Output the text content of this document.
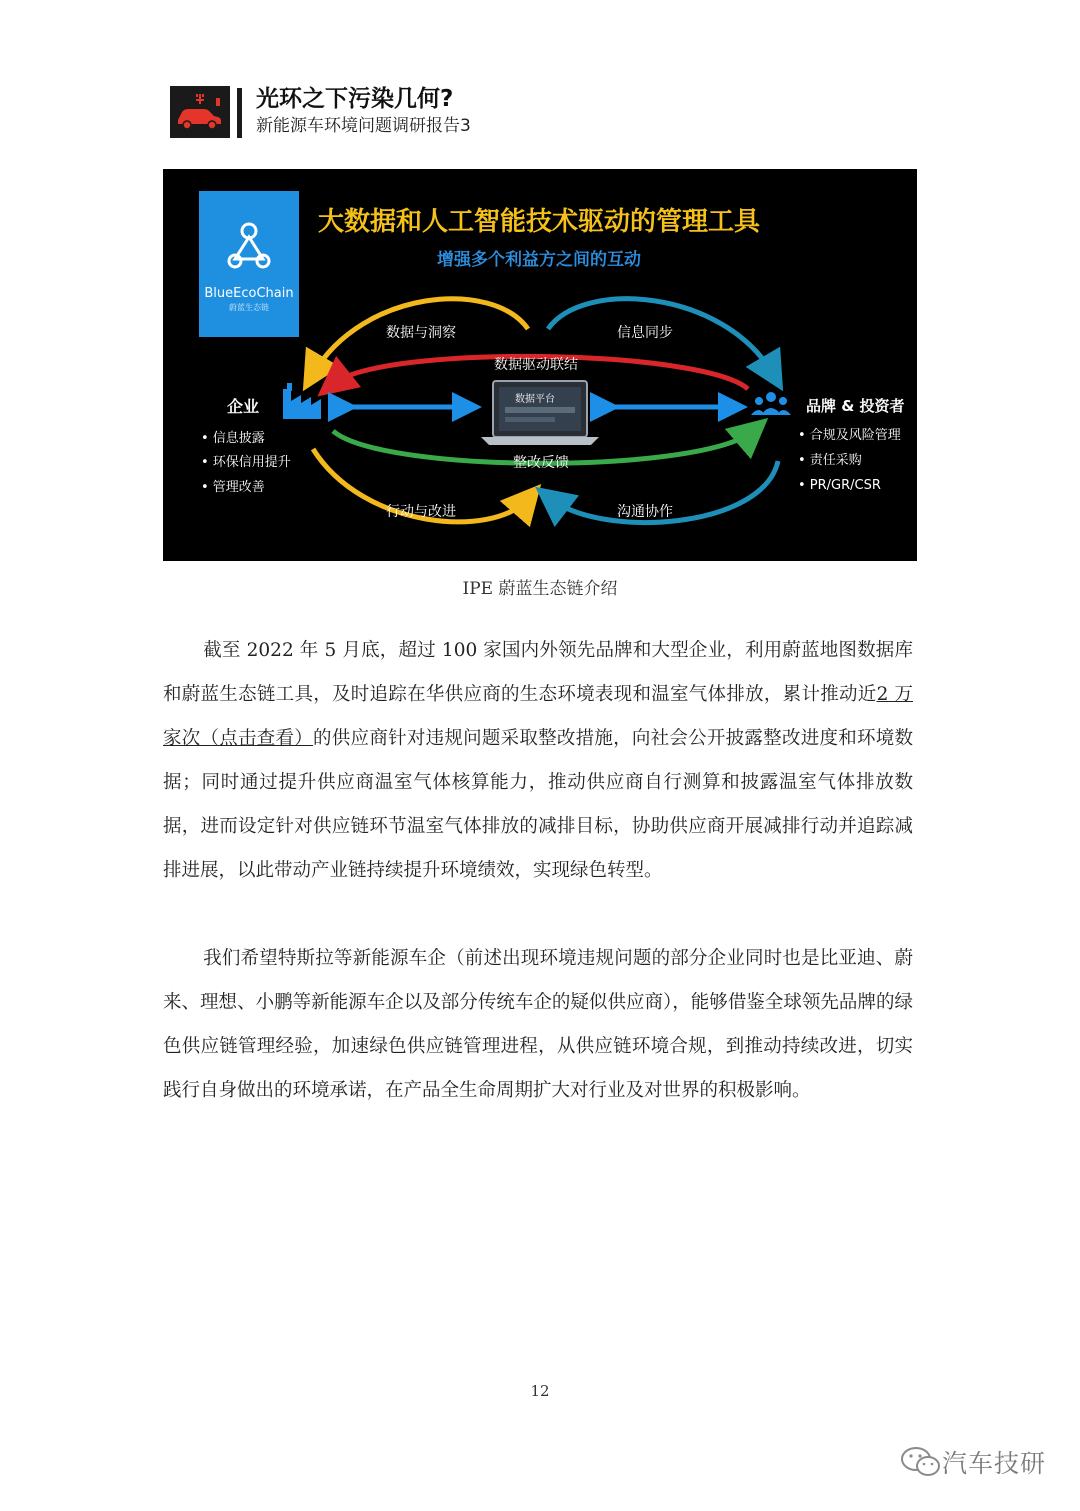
光环之下污染几何?
新能源车环境问题调研报告3
BlueEcoChain
蔚蓝生态链
大数据和人工智能技术驱动的管理工具
增强多个利益方之间的互动
数据与洞察	信息同步
数据驱动联结
整改反馈
行动与改进	沟通协作
数据平台
企业
• 信息披露
• 环保信用提升
• 管理改善
品牌 & 投资者
• 合规及风险管理
• 责任采购
• PR/GR/CSR
IPE 蔚蓝生态链介绍
截至 2022 年 5 月底，超过 100 家国内外领先品牌和大型企业，利用蔚蓝地图数据库和蔚蓝生态链工具，及时追踪在华供应商的生态环境表现和温室气体排放，累计推动近2 万家次（点击查看）的供应商针对违规问题采取整改措施，向社会公开披露整改进度和环境数据；同时通过提升供应商温室气体核算能力，推动供应商自行测算和披露温室气体排放数据，进而设定针对供应链环节温室气体排放的减排目标，协助供应商开展减排行动并追踪减排进展，以此带动产业链持续提升环境绩效，实现绿色转型。
我们希望特斯拉等新能源车企（前述出现环境违规问题的部分企业同时也是比亚迪、蔚来、理想、小鹏等新能源车企以及部分传统车企的疑似供应商），能够借鉴全球领先品牌的绿色供应链管理经验，加速绿色供应链管理进程，从供应链环境合规，到推动持续改进，切实践行自身做出的环境承诺，在产品全生命周期扩大对行业及对世界的积极影响。
12
汽车技研
